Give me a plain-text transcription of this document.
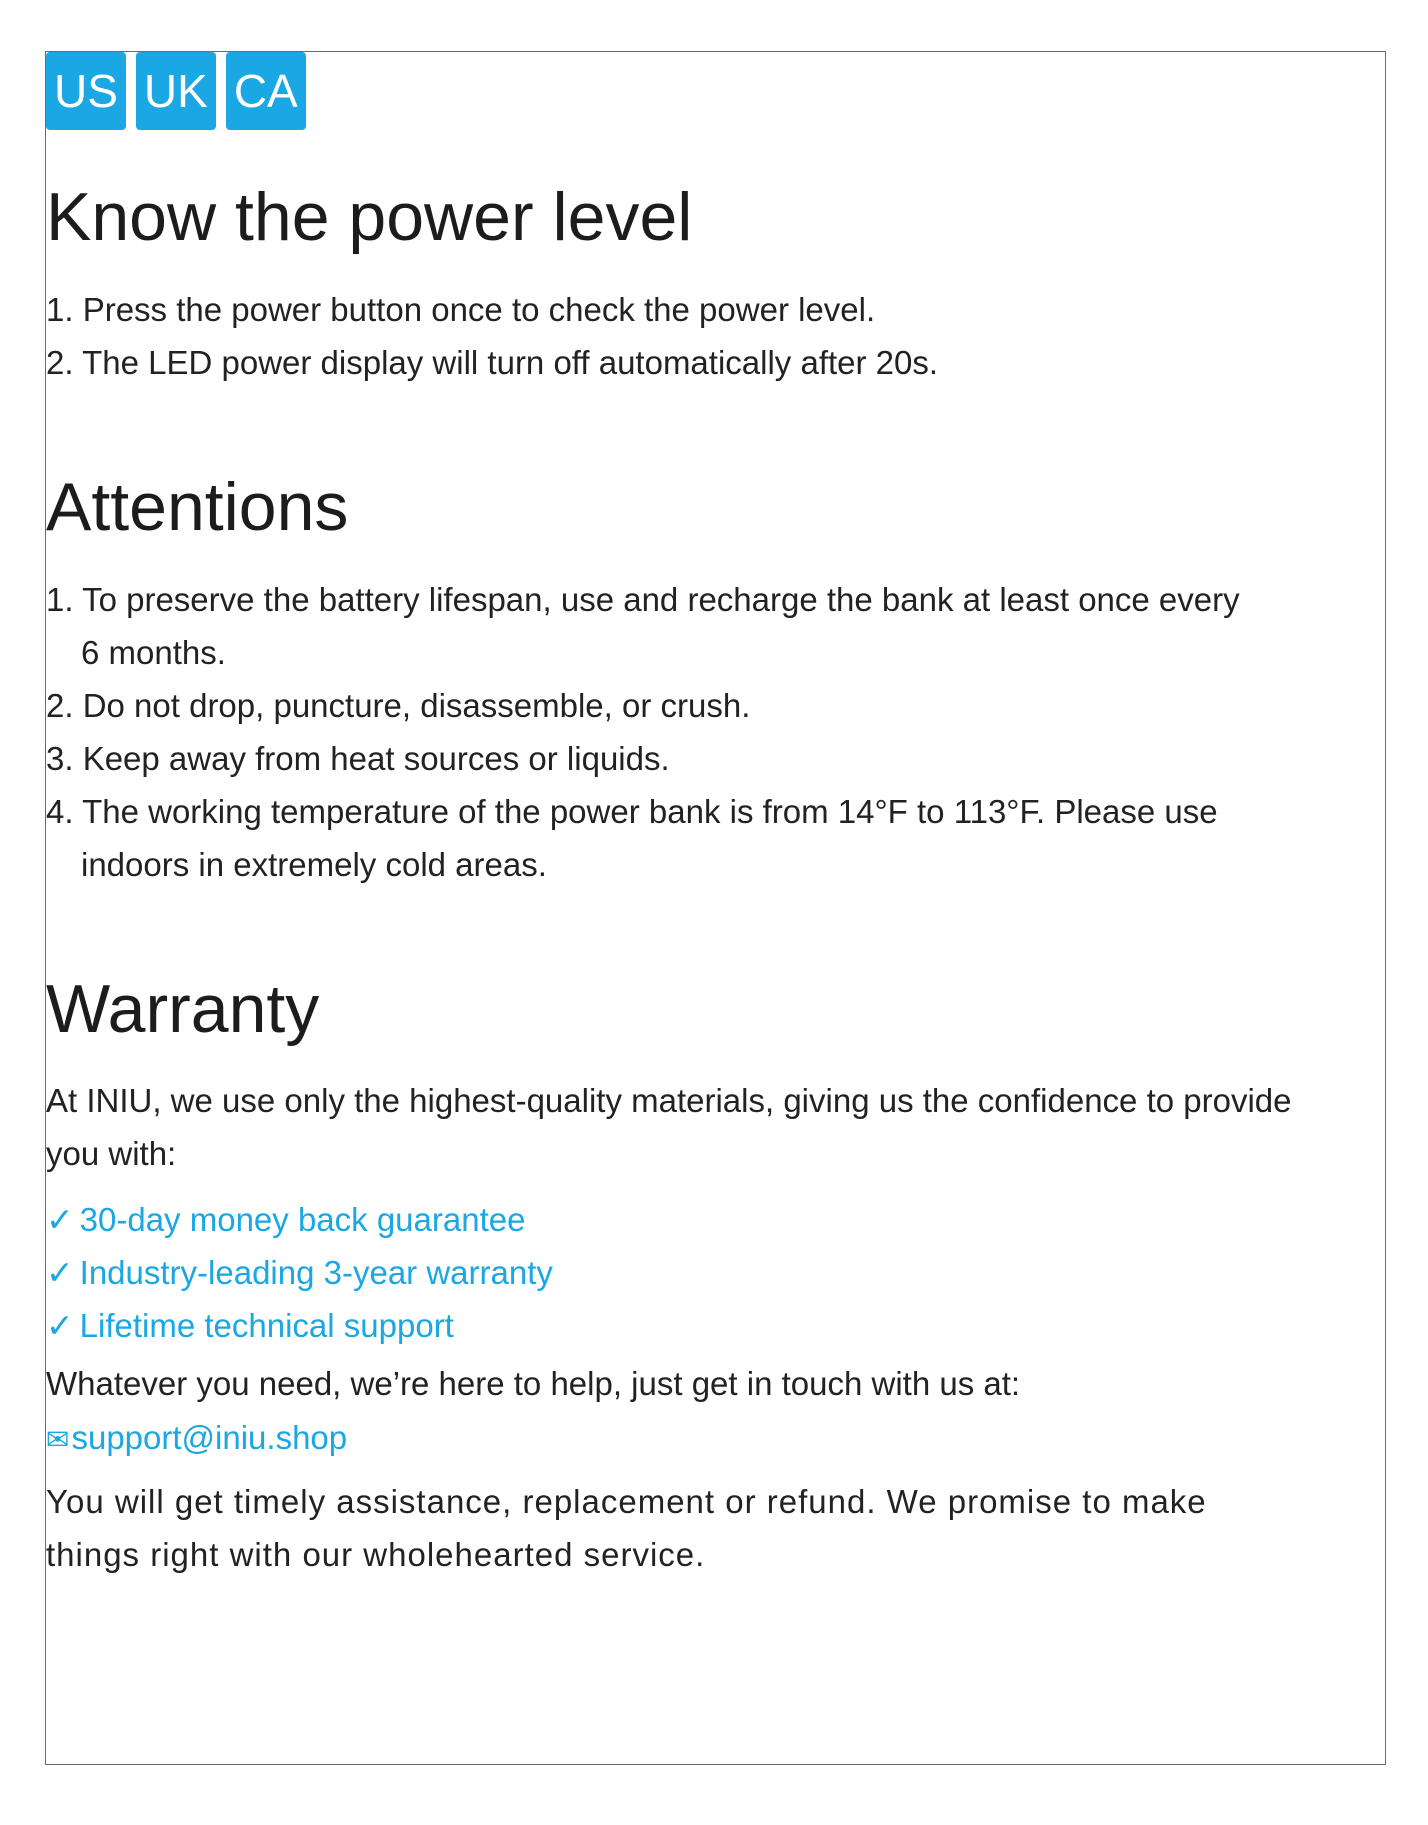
US UK CA
Know the power level
1. Press the power button once to check the power level.
2. The LED power display will turn off automatically after 20s.
Attentions
1. To preserve the battery lifespan, use and recharge the bank at least once every
6 months.
2. Do not drop, puncture, disassemble, or crush.
3. Keep away from heat sources or liquids.
4. The working temperature of the power bank is from 14°F to 113°F. Please use
indoors in extremely cold areas.
Warranty
At INIU, we use only the highest-quality materials, giving us the confidence to provide
you with:
✓ 30-day money back guarantee
✓ Industry-leading 3-year warranty
✓ Lifetime technical support
Whatever you need, we’re here to help, just get in touch with us at:
✉support@iniu.shop
You will get timely assistance, replacement or refund. We promise to make
things right with our wholehearted service.
